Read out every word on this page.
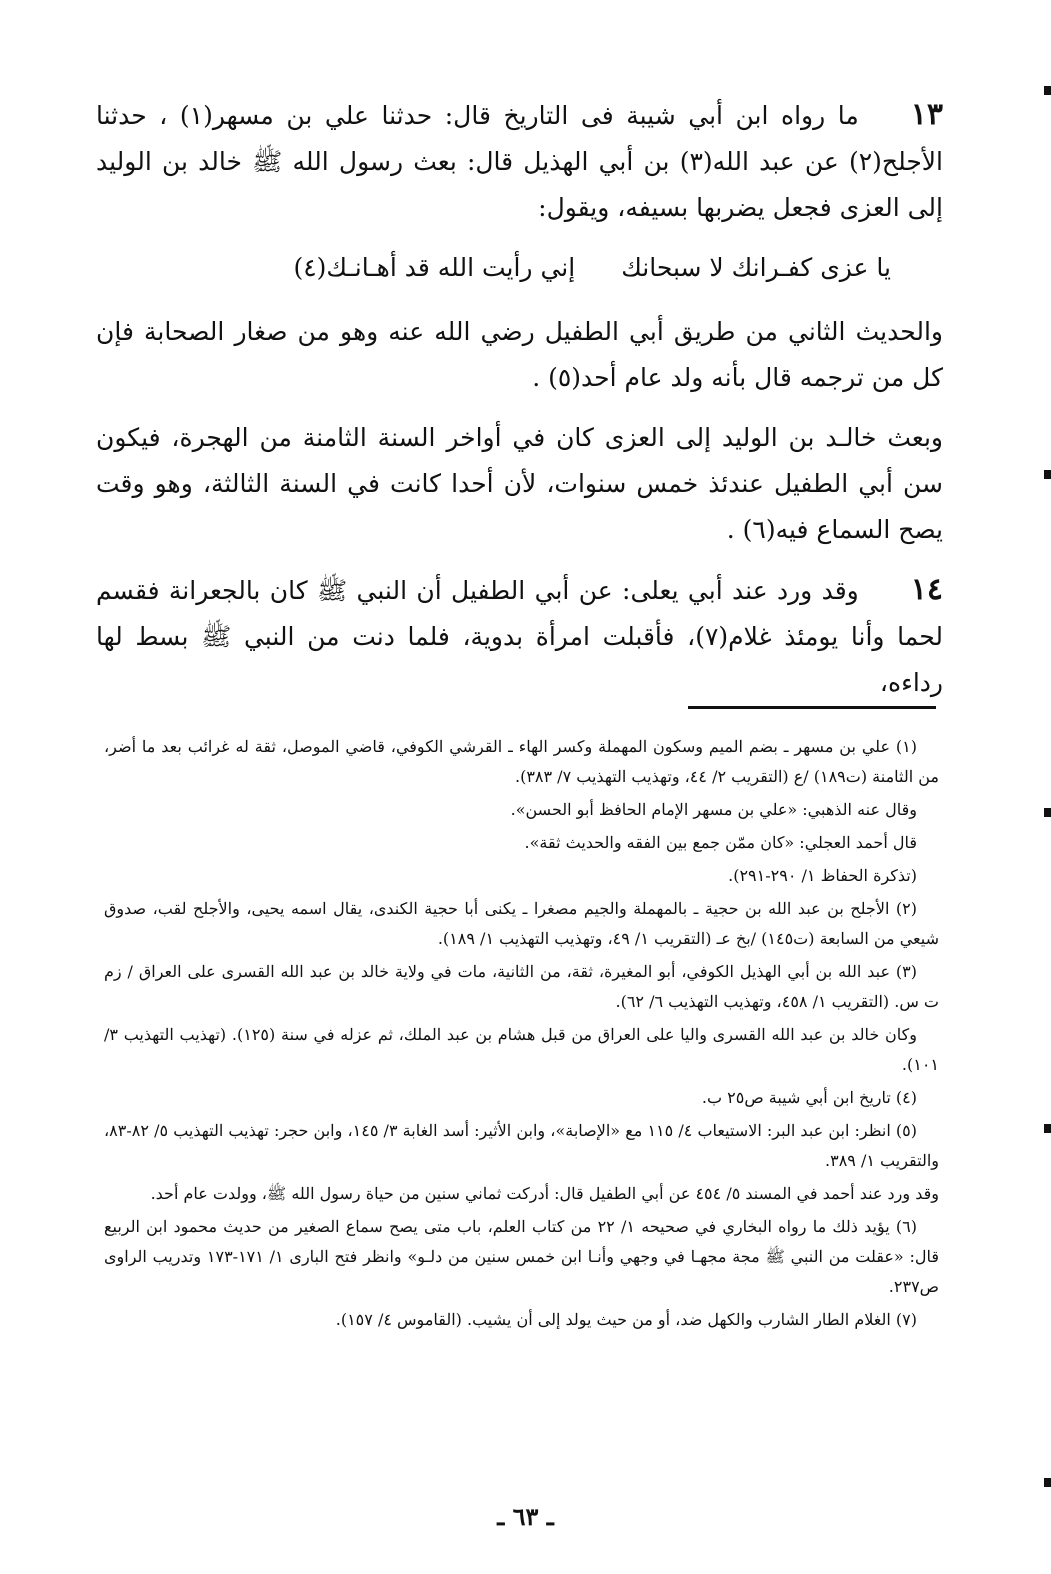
١٣ما رواه ابن أبي شيبة فى التاريخ قال: حدثنا علي بن مسهر(١) ، حدثنا الأجلح(٢) عن عبد الله(٣) بن أبي الهذيل قال: بعث رسول الله ﷺ خالد بن الوليد إلى العزى فجعل يضربها بسيفه، ويقول:

يا عزى كفـرانك لا سبحانك
إني رأيت الله قد أهـانـك(٤)

والحديث الثاني من طريق أبي الطفيل رضي الله عنه وهو من صغار الصحابة فإن كل من ترجمه قال بأنه ولد عام أحد(٥) .

وبعث خالـد بن الوليد إلى العزى كان في أواخر السنة الثامنة من الهجرة، فيكون سن أبي الطفيل عندئذ خمس سنوات، لأن أحدا كانت في السنة الثالثة، وهو وقت يصح السماع فيه(٦) .

١٤وقد ورد عند أبي يعلى: عن أبي الطفيل أن النبي ﷺ كان بالجعرانة فقسم لحما وأنا يومئذ غلام(٧)، فأقبلت امرأة بدوية، فلما دنت من النبي ﷺ بسط لها رداءه،

(١) علي بن مسهر ـ بضم الميم وسكون المهملة وكسر الهاء ـ القرشي الكوفي، قاضي الموصل، ثقة له غرائب بعد ما أضر، من الثامنة (ت١٨٩) /ع (التقريب ٢/ ٤٤، وتهذيب التهذيب ٧/ ٣٨٣).

وقال عنه الذهبي: «علي بن مسهر الإمام الحافظ أبو الحسن».

قال أحمد العجلي: «كان ممّن جمع بين الفقه والحديث ثقة».

(تذكرة الحفاظ ١/ ٢٩٠-٢٩١).

(٢) الأجلح بن عبد الله بن حجية ـ بالمهملة والجيم مصغرا ـ يكنى أبا حجية الكندى، يقال اسمه يحيى، والأجلح لقب، صدوق شيعي من السابعة (ت١٤٥) /بخ عـ (التقريب ١/ ٤٩، وتهذيب التهذيب ١/ ١٨٩).

(٣) عبد الله بن أبي الهذيل الكوفي، أبو المغيرة، ثقة، من الثانية، مات في ولاية خالد بن عبد الله القسرى على العراق / زم ت س. (التقريب ١/ ٤٥٨، وتهذيب التهذيب ٦/ ٦٢).

وكان خالد بن عبد الله القسرى واليا على العراق من قبل هشام بن عبد الملك، ثم عزله في سنة (١٢٥). (تهذيب التهذيب ٣/ ١٠١).

(٤) تاريخ ابن أبي شيبة ص٢٥ ب.

(٥) انظر: ابن عبد البر: الاستيعاب ٤/ ١١٥ مع «الإصابة»، وابن الأثير: أسد الغابة ٣/ ١٤٥، وابن حجر: تهذيب التهذيب ٥/ ٨٢-٨٣، والتقريب ١/ ٣٨٩.

وقد ورد عند أحمد في المسند ٥/ ٤٥٤ عن أبي الطفيل قال: أدركت ثماني سنين من حياة رسول الله ﷺ، وولدت عام أحد.

(٦) يؤيد ذلك ما رواه البخاري في صحيحه ١/ ٢٢ من كتاب العلم، باب متى يصح سماع الصغير من حديث محمود ابن الربيع قال: «عقلت من النبي ﷺ مجة مجهـا في وجهي وأنـا ابن خمس سنين من دلـو» وانظر فتح البارى ١/ ١٧١-١٧٣ وتدريب الراوى ص٢٣٧.

(٧) الغلام الطار الشارب والكهل ضد، أو من حيث يولد إلى أن يشيب. (القاموس ٤/ ١٥٧).

ـ ٦٣ ـ
